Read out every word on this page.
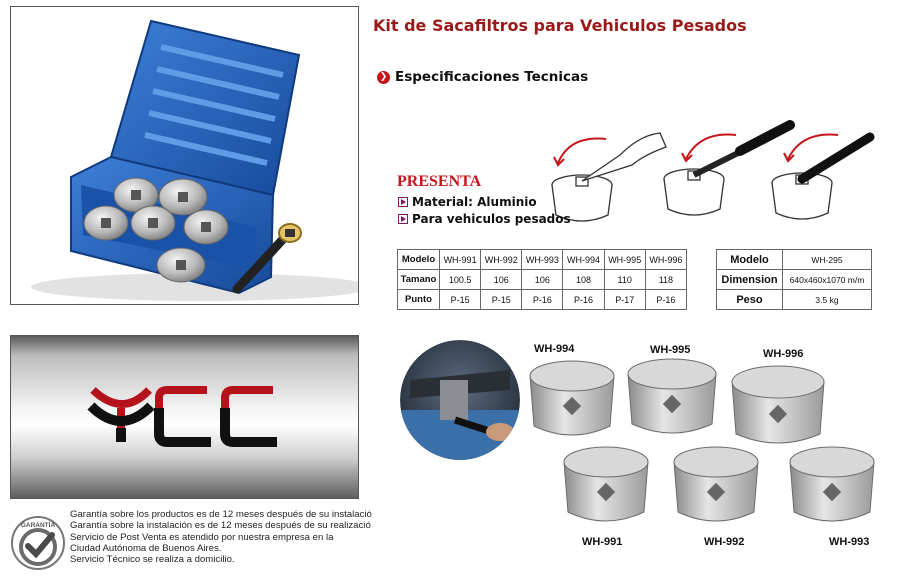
GARANTÍA
Garantía sobre los productos es de 12 meses después de su instalació
Garantía sobre la instalación es de 12 meses después de su realizació
Servicio de Post Venta es atendido por nuestra empresa en la
Ciudad Autónoma de Buenos Aires.
Servicio Técnico se realiza a domicilio.
Kit de Sacafiltros para Vehiculos Pesados
❯ Especificaciones Tecnicas
PRESENTA
Material: Aluminio
Para vehiculos pesados
Modelo	WH-991	WH-992	WH-993	WH-994	WH-995	WH-996
Tamano	100.5	106	106	108	110	118
Punto	P-15	P-15	P-16	P-16	P-17	P-16
Modelo	WH-295
Dimension	640x460x1070 m/m
Peso	3.5 kg
WH-994	WH-995	WH-996
WH-991	WH-992	WH-993
